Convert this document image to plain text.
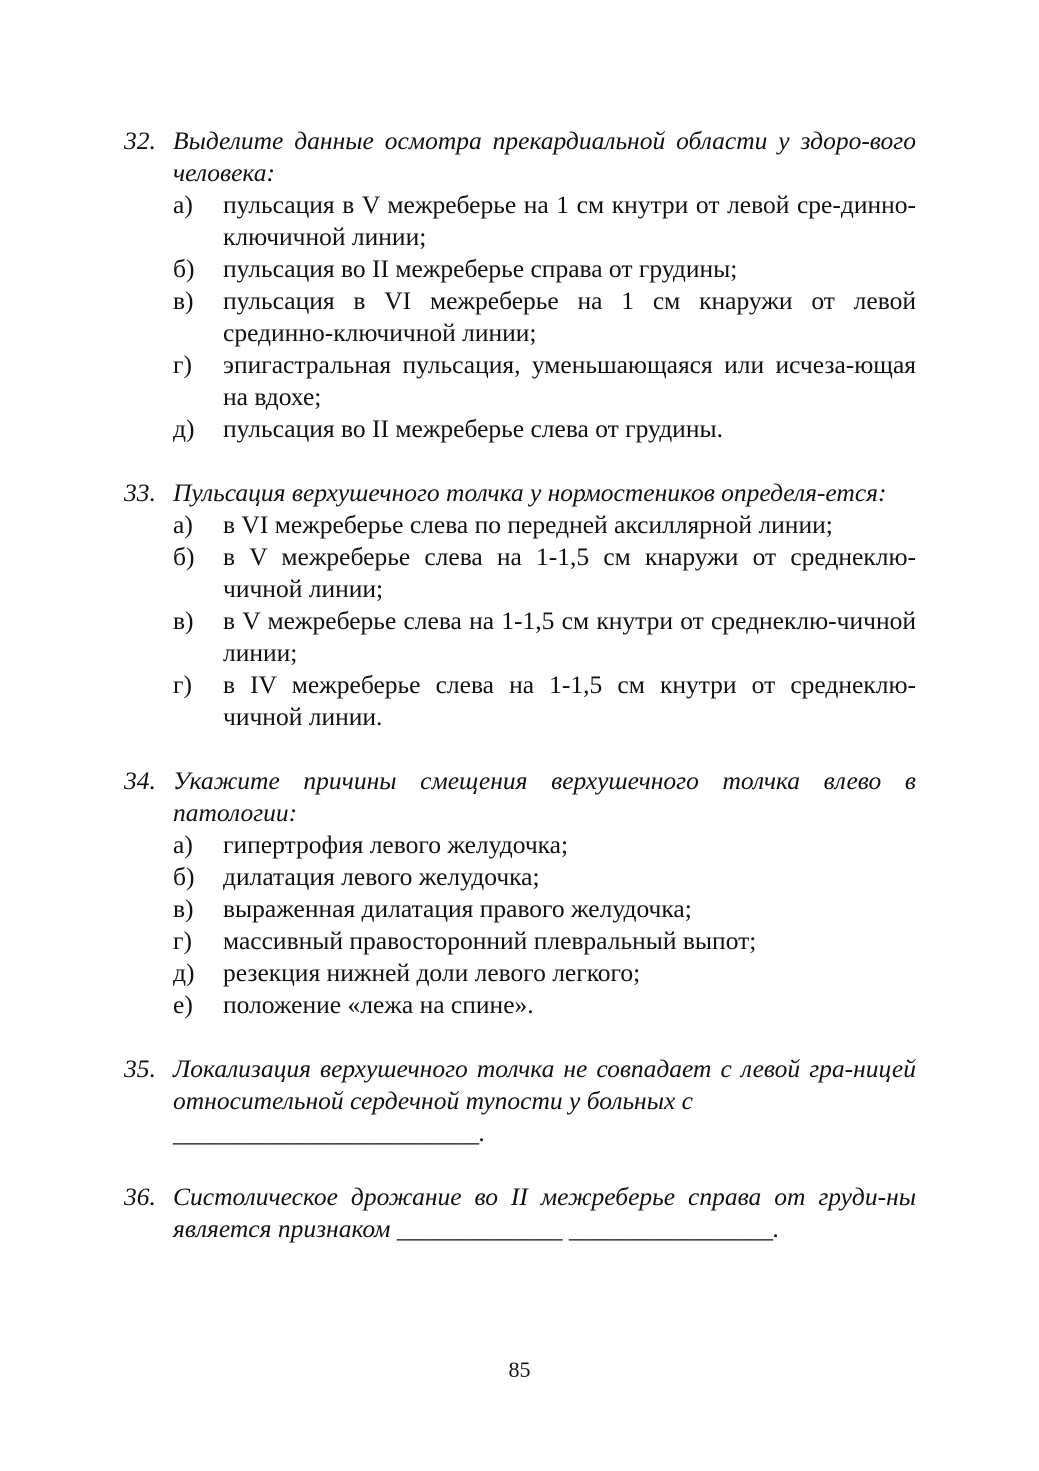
32. Выделите данные осмотра прекардиальной области у здоро-вого человека:
а)	пульсация в V межреберье на 1 см кнутри от левой сре-динно-ключичной линии;
б)	пульсация во II межреберье справа от грудины;
в)	пульсация в VI межреберье на 1 см кнаружи от левой срединно-ключичной линии;
г)	эпигастральная пульсация, уменьшающаяся или исчеза-ющая на вдохе;
д)	пульсация во II межреберье слева от грудины.
33. Пульсация верхушечного толчка у нормостеников определя-ется:
а)	в VI межреберье слева по передней аксиллярной линии;
б)	в V межреберье слева на 1-1,5 см кнаружи от среднеклю-чичной линии;
в)	в V межреберье слева на 1-1,5 см кнутри от среднеклю-чичной линии;
г)	в IV межреберье слева на 1-1,5 см кнутри от среднеклю-чичной линии.
34. Укажите причины смещения верхушечного толчка влево в патологии:
а)	гипертрофия левого желудочка;
б)	дилатация левого желудочка;
в)	выраженная дилатация правого желудочка;
г)	массивный правосторонний плевральный выпот;
д)	резекция нижней доли левого легкого;
е)	положение «лежа на спине».
35. Локализация верхушечного толчка не совпадает с левой гра-ницей относительной сердечной тупости у больных с
________________________.
36. Систолическое дрожание во II межреберье справа от груди-ны является признаком _____________ ________________.
85
